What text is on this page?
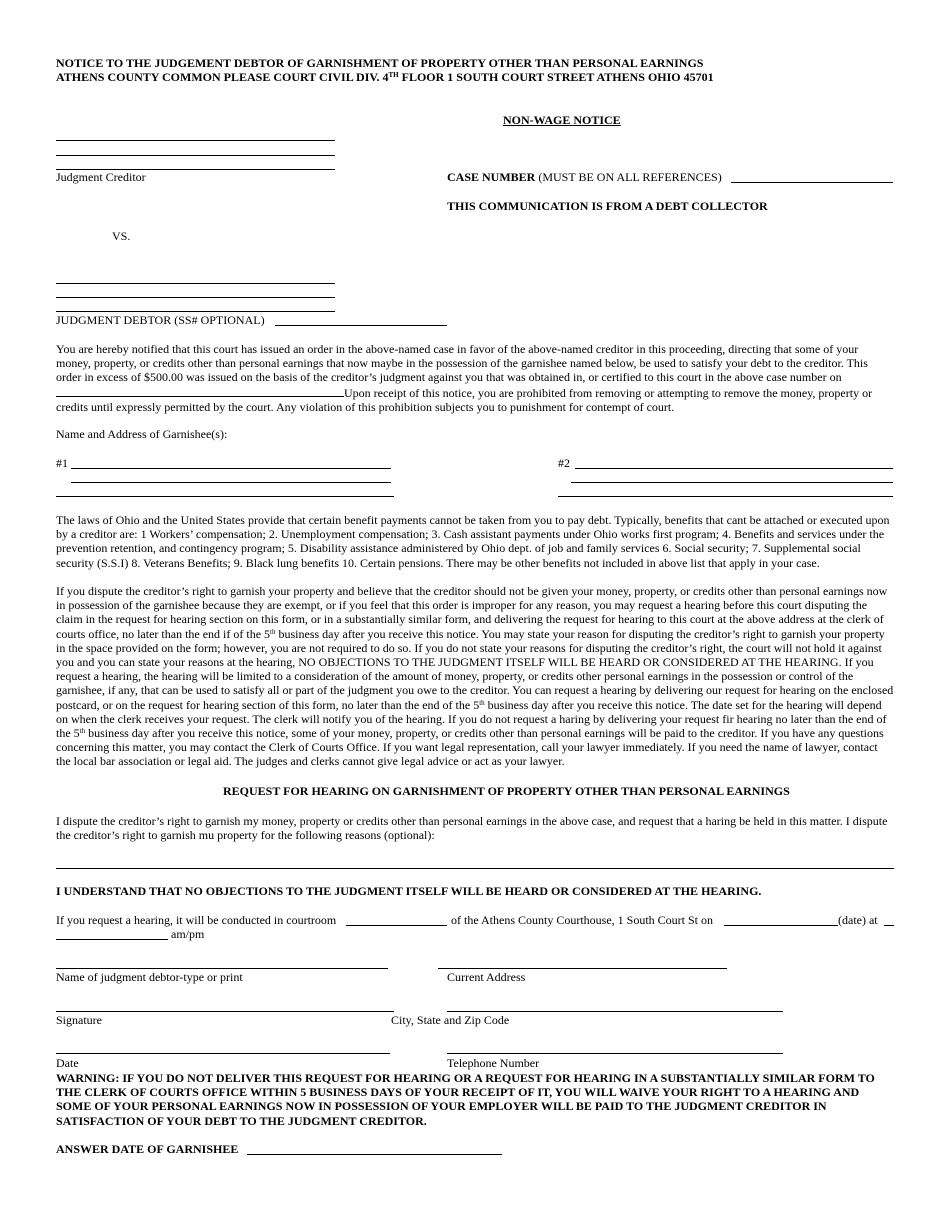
NOTICE TO THE JUDGEMENT DEBTOR OF GARNISHMENT OF PROPERTY OTHER THAN PERSONAL EARNINGS
ATHENS COUNTY COMMON PLEASE COURT CIVIL DIV. 4TH FLOOR 1 SOUTH COURT STREET ATHENS OHIO 45701
NON-WAGE NOTICE
Judgment Creditor	CASE NUMBER (MUST BE ON ALL REFERENCES)
THIS COMMUNICATION IS FROM A DEBT COLLECTOR
VS.
JUDGMENT DEBTOR (SS# OPTIONAL)
You are hereby notified that this court has issued an order in the above-named case in favor of the above-named creditor in this proceeding, directing that some of your money, property, or credits other than personal earnings that now maybe in the possession of the garnishee named below, be used to satisfy your debt to the creditor. This order in excess of $500.00 was issued on the basis of the creditor’s judgment against you that was obtained in, or certified to this court in the above case number on
Upon receipt of this notice, you are prohibited from removing or attempting to remove the money, property or credits until expressly permitted by the court. Any violation of this prohibition subjects you to punishment for contempt of court.
Name and Address of Garnishee(s):
#1	#2
The laws of Ohio and the United States provide that certain benefit payments cannot be taken from you to pay debt. Typically, benefits that cant be attached or executed upon by a creditor are: 1 Workers’ compensation; 2. Unemployment compensation; 3. Cash assistant payments under Ohio works first program; 4. Benefits and services under the prevention retention, and contingency program; 5. Disability assistance administered by Ohio dept. of job and family services 6. Social security; 7. Supplemental social security (S.S.I) 8. Veterans Benefits; 9. Black lung benefits 10. Certain pensions. There may be other benefits not included in above list that apply in your case.
If you dispute the creditor’s right to garnish your property and believe that the creditor should not be given your money, property, or credits other than personal earnings now in possession of the garnishee because they are exempt, or if you feel that this order is improper for any reason, you may request a hearing before this court disputing the claim in the request for hearing section on this form, or in a substantially similar form, and delivering the request for hearing to this court at the above address at the clerk of courts office, no later than the end if of the 5th business day after you receive this notice. You may state your reason for disputing the creditor’s right to garnish your property in the space provided on the form; however, you are not required to do so. If you do not state your reasons for disputing the creditor’s right, the court will not hold it against you and you can state your reasons at the hearing, NO OBJECTIONS TO THE JUDGMENT ITSELF WILL BE HEARD OR CONSIDERED AT THE HEARING. If you request a hearing, the hearing will be limited to a consideration of the amount of money, property, or credits other personal earnings in the possession or control of the garnishee, if any, that can be used to satisfy all or part of the judgment you owe to the creditor. You can request a hearing by delivering our request for hearing on the enclosed postcard, or on the request for hearing section of this form, no later than the end of the 5th business day after you receive this notice. The date set for the hearing will depend on when the clerk receives your request. The clerk will notify you of the hearing. If you do not request a haring by delivering your request fir hearing no later than the end of the 5th business day after you receive this notice, some of your money, property, or credits other than personal earnings will be paid to the creditor. If you have any questions concerning this matter, you may contact the Clerk of Courts Office. If you want legal representation, call your lawyer immediately. If you need the name of lawyer, contact the local bar association or legal aid. The judges and clerks cannot give legal advice or act as your lawyer.
REQUEST FOR HEARING ON GARNISHMENT OF PROPERTY OTHER THAN PERSONAL EARNINGS
I dispute the creditor’s right to garnish my money, property or credits other than personal earnings in the above case, and request that a haring be held in this matter. I dispute the creditor’s right to garnish mu property for the following reasons (optional):
I UNDERSTAND THAT NO OBJECTIONS TO THE JUDGMENT ITSELF WILL BE HEARD OR CONSIDERED AT THE HEARING.
If you request a hearing, it will be conducted in courtroom	of the Athens County Courthouse, 1 South Court St on	(date) at
am/pm
Name of judgment debtor-type or print	Current Address
Signature	City, State and Zip Code
Date	Telephone Number
WARNING: IF YOU DO NOT DELIVER THIS REQUEST FOR HEARING OR A REQUEST FOR HEARING IN A SUBSTANTIALLY SIMILAR FORM TO THE CLERK OF COURTS OFFICE WITHIN 5 BUSINESS DAYS OF YOUR RECEIPT OF IT, YOU WILL WAIVE YOUR RIGHT TO A HEARING AND SOME OF YOUR PERSONAL EARNINGS NOW IN POSSESSION OF YOUR EMPLOYER WILL BE PAID TO THE JUDGMENT CREDITOR IN SATISFACTION OF YOUR DEBT TO THE JUDGMENT CREDITOR.
ANSWER DATE OF GARNISHEE
